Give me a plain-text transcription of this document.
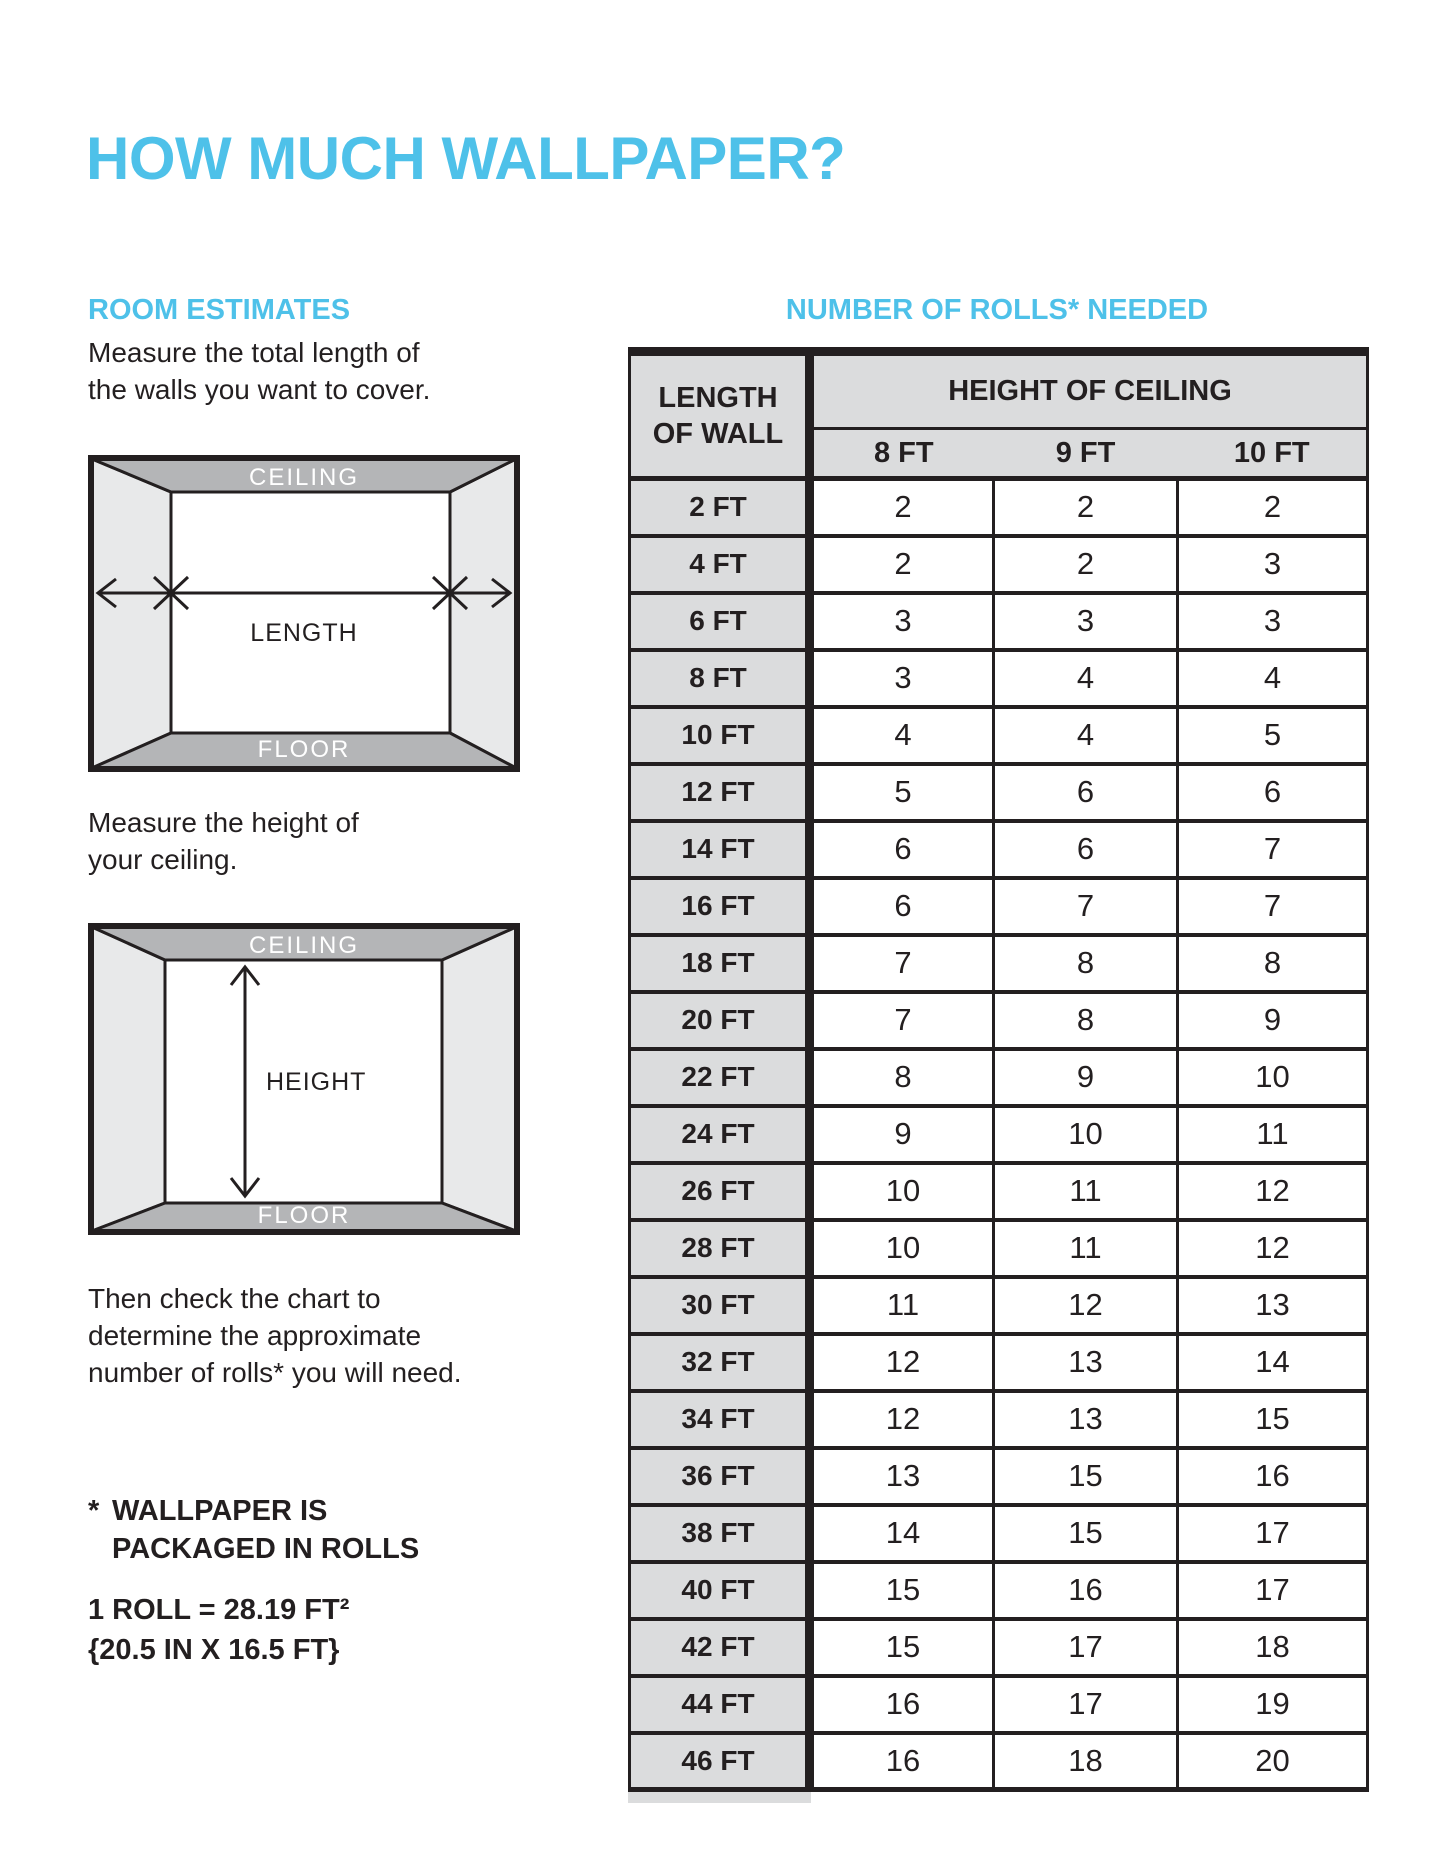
HOW MUCH WALLPAPER?
ROOM ESTIMATES	NUMBER OF ROLLS* NEEDED
Measure the total length of
the walls you want to cover.
CEILING
FLOOR
LENGTH
Measure the height of
your ceiling.
CEILING
FLOOR
HEIGHT
Then check the chart to
determine the approximate
number of rolls* you will need.
* WALLPAPER IS
PACKAGED IN ROLLS
1 ROLL = 28.19 FT²
{20.5 IN X 16.5 FT}
LENGTH
OF WALL	HEIGHT OF CEILING		
	8 FT	9 FT	10 FT
2 FT	2	2	2
4 FT	2	2	3
6 FT	3	3	3
8 FT	3	4	4
10 FT	4	4	5
12 FT	5	6	6
14 FT	6	6	7
16 FT	6	7	7
18 FT	7	8	8
20 FT	7	8	9
22 FT	8	9	10
24 FT	9	10	11
26 FT	10	11	12
28 FT	10	11	12
30 FT	11	12	13
32 FT	12	13	14
34 FT	12	13	15
36 FT	13	15	16
38 FT	14	15	17
40 FT	15	16	17
42 FT	15	17	18
44 FT	16	17	19
46 FT	16	18	20
